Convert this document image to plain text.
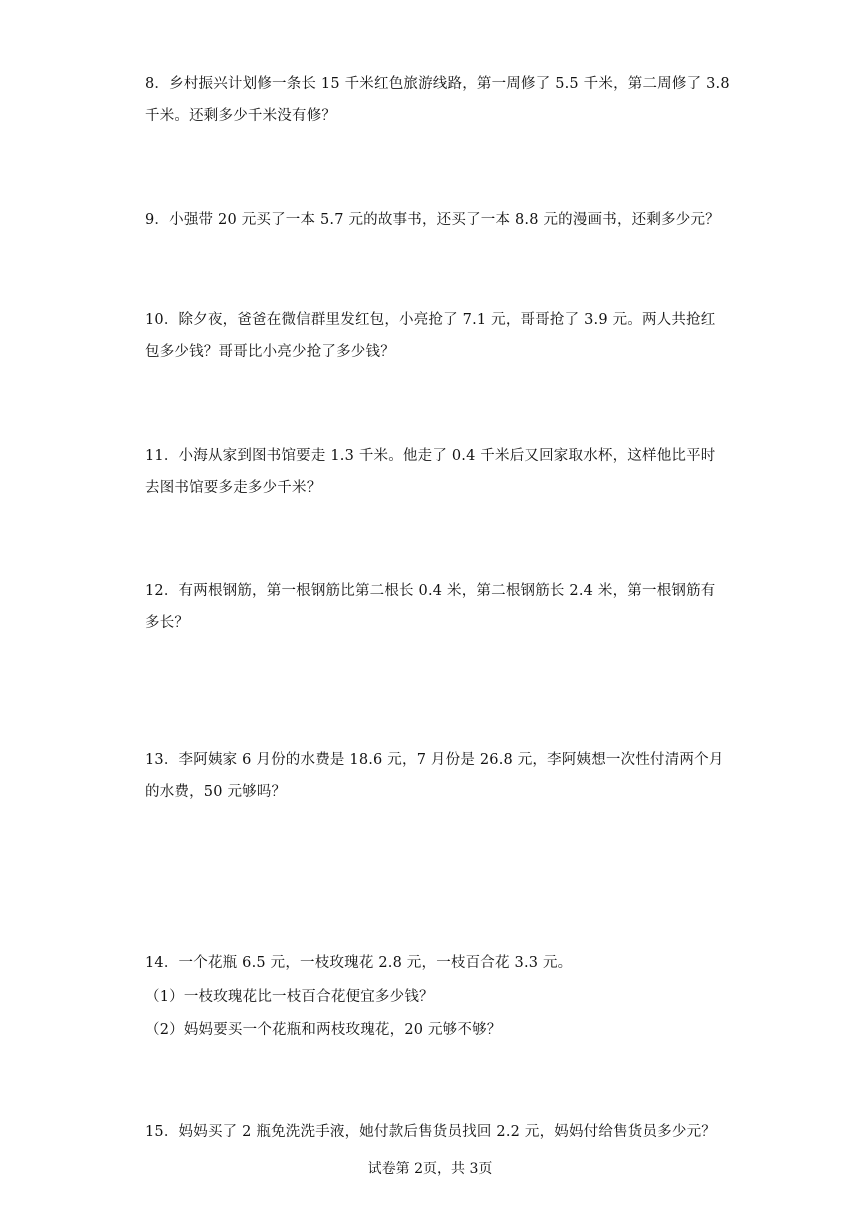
8．乡村振兴计划修一条长 15 千米红色旅游线路，第一周修了 5.5 千米，第二周修了 3.8
千米。还剩多少千米没有修？
9．小强带 20 元买了一本 5.7 元的故事书，还买了一本 8.8 元的漫画书，还剩多少元？
10．除夕夜，爸爸在微信群里发红包，小亮抢了 7.1 元，哥哥抢了 3.9 元。两人共抢红
包多少钱？哥哥比小亮少抢了多少钱？
11．小海从家到图书馆要走 1.3 千米。他走了 0.4 千米后又回家取水杯，这样他比平时
去图书馆要多走多少千米？
12．有两根钢筋，第一根钢筋比第二根长 0.4 米，第二根钢筋长 2.4 米，第一根钢筋有
多长？
13．李阿姨家 6 月份的水费是 18.6 元，7 月份是 26.8 元，李阿姨想一次性付清两个月
的水费，50 元够吗？
14．一个花瓶 6.5 元，一枝玫瑰花 2.8 元，一枝百合花 3.3 元。
（1）一枝玫瑰花比一枝百合花便宜多少钱？
（2）妈妈要买一个花瓶和两枝玫瑰花，20 元够不够？
15．妈妈买了 2 瓶免洗洗手液，她付款后售货员找回 2.2 元，妈妈付给售货员多少元？
试卷第 2页，共 3页
